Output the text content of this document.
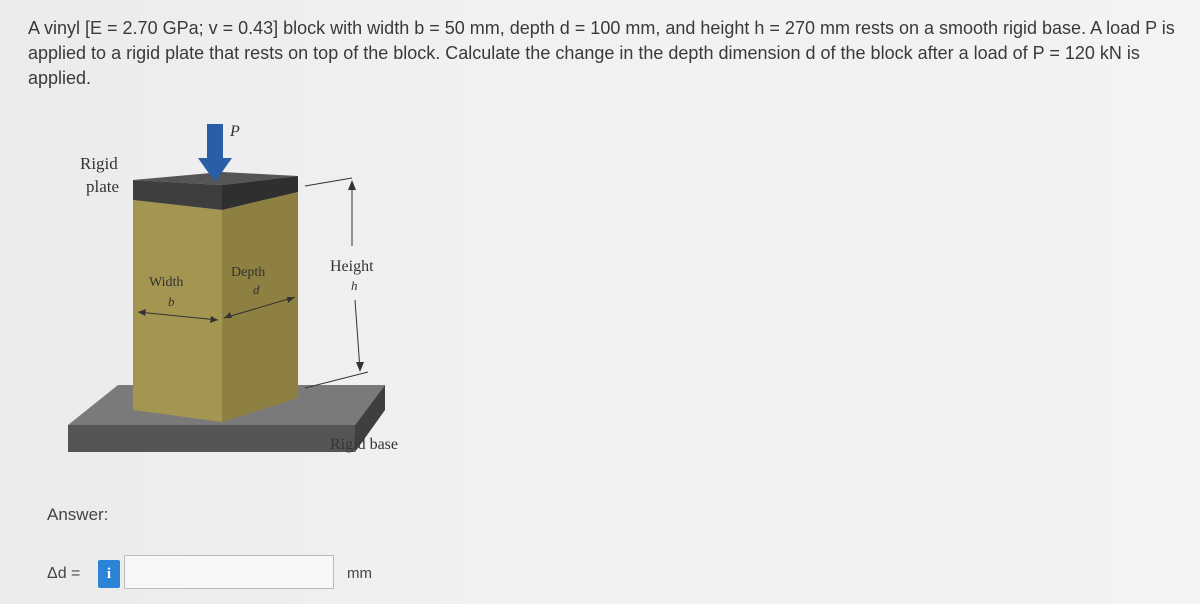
A vinyl [E = 2.70 GPa; v = 0.43] block with width b = 50 mm, depth d = 100 mm, and height h = 270 mm rests on a smooth rigid base. A load P is applied to a rigid plate that rests on top of the block. Calculate the change in the depth dimension d of the block after a load of P = 120 kN is applied.
P
Rigid
plate
Width
b
Depth
d
Height
h
Rigid base
Answer:
Δd =	i	mm
